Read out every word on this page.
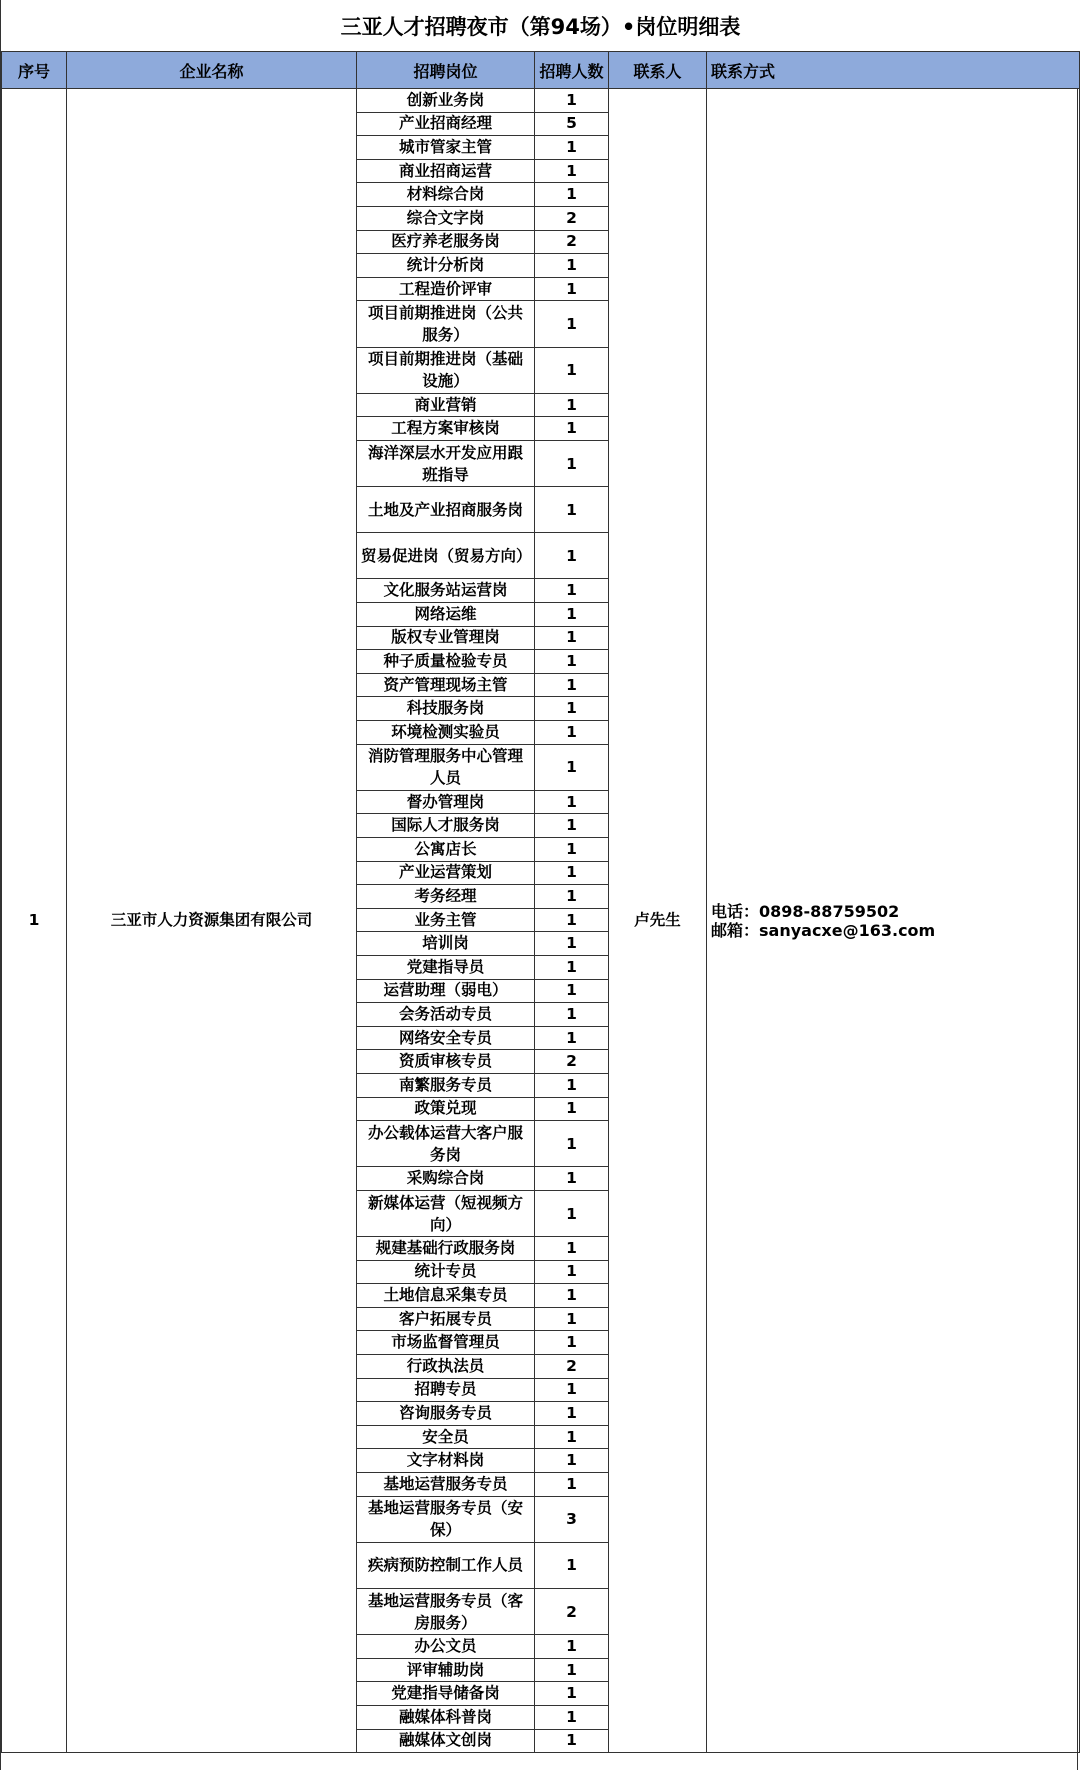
三亚人才招聘夜市（第94场）•岗位明细表					
序号	企业名称	招聘岗位	招聘人数	联系人	联系方式
1	三亚市人力资源集团有限公司	创新业务岗	1	卢先生	电话：0898-88759502
邮箱：sanyacxe@163.com

		产业招商经理	5		
		城市管家主管	1		
		商业招商运营	1		
		材料综合岗	1		
		综合文字岗	2		
		医疗养老服务岗	2		
		统计分析岗	1		
		工程造价评审	1		
		项目前期推进岗（公共服务）	1		
		项目前期推进岗（基础设施）	1		
		商业营销	1		
		工程方案审核岗	1		
		海洋深层水开发应用跟班指导	1		
		土地及产业招商服务岗	1		
		贸易促进岗（贸易方向）	1		
		文化服务站运营岗	1		
		网络运维	1		
		版权专业管理岗	1		
		种子质量检验专员	1		
		资产管理现场主管	1		
		科技服务岗	1		
		环境检测实验员	1		
		消防管理服务中心管理人员	1		
		督办管理岗	1		
		国际人才服务岗	1		
		公寓店长	1		
		产业运营策划	1		
		考务经理	1		
		业务主管	1		
		培训岗	1		
		党建指导员	1		
		运营助理（弱电）	1		
		会务活动专员	1		
		网络安全专员	1		
		资质审核专员	2		
		南繁服务专员	1		
		政策兑现	1		
		办公载体运营大客户服务岗	1		
		采购综合岗	1		
		新媒体运营（短视频方向）	1		
		规建基础行政服务岗	1		
		统计专员	1		
		土地信息采集专员	1		
		客户拓展专员	1		
		市场监督管理员	1		
		行政执法员	2		
		招聘专员	1		
		咨询服务专员	1		
		安全员	1		
		文字材料岗	1		
		基地运营服务专员	1		
		基地运营服务专员（安保）	3		
		疾病预防控制工作人员	1		
		基地运营服务专员（客房服务）	2		
		办公文员	1		
		评审辅助岗	1		
		党建指导储备岗	1		
		融媒体科普岗	1		
		融媒体文创岗	1		
